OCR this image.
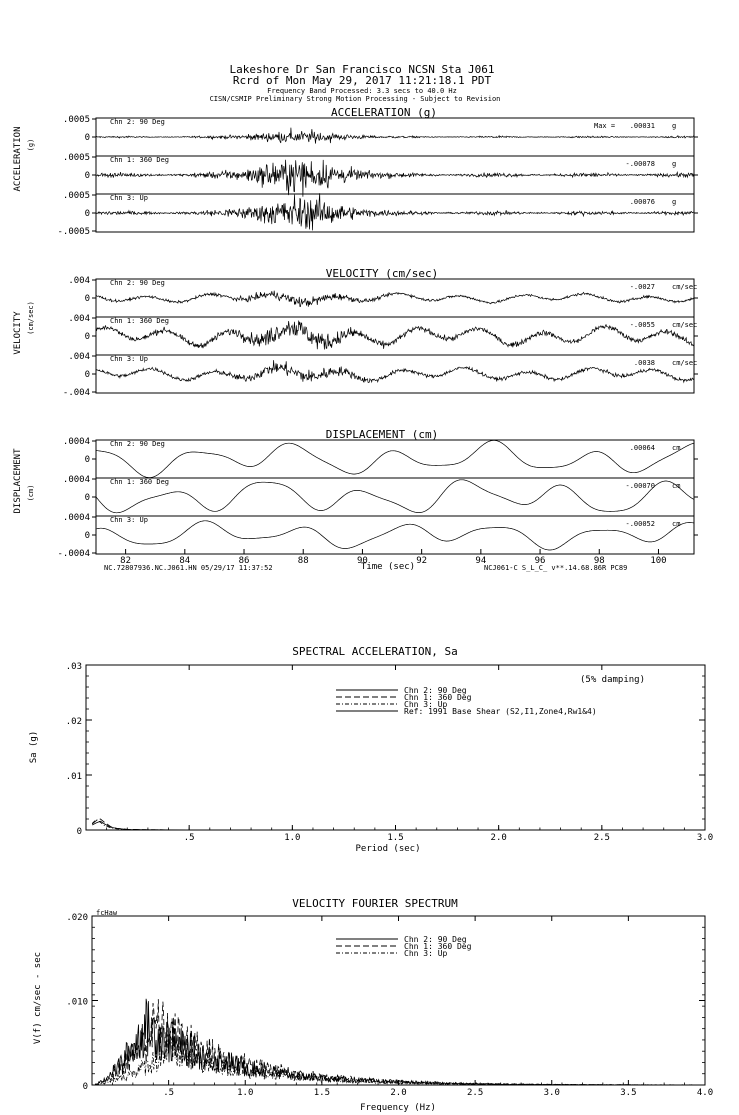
Lakeshore Dr San Francisco NCSN Sta J061
Rcrd of Mon May 29, 2017 11:21:18.1 PDT
Frequency Band Processed: 3.3 secs to 40.0 Hz
CISN/CSMIP Preliminary Strong Motion Processing - Subject to Revision
ACCELERATION (g)
VELOCITY (cm/sec)
DISPLACEMENT (cm)
ACCELERATION (g)
VELOCITY (cm/sec)
DISPLACEMENT (cm)
.0005
0
Chn 2: 90 Deg	Max = .00031 g
.0005
0
Chn 1: 360 Deg	-.00078 g
.0005
0
-.0005
Chn 3: Up	.00076 g
.004
0
Chn 2: 90 Deg	-.0027 cm/sec
.004
0
Chn 1: 360 Deg	-.0055 cm/sec
.004
0
-.004
Chn 3: Up	.0038 cm/sec
.0004
0
Chn 2: 90 Deg	.00064 cm
.0004
0
Chn 1: 360 Deg	-.00070 cm
.0004
0
-.0004
Chn 3: Up	-.00052 cm
82	84	86	88	90	92	94	96	98	100
Time (sec)
NC.72807936.NC.J061.HN 05/29/17 11:37:52	NCJ061-C S_L_C_ v**.14.68.86R PC89
SPECTRAL ACCELERATION, Sa
Sa (g)
Period (sec)
(5% damping)
.5	1.0	1.5	2.0	2.5	3.0
.03
.02
.01
0
Chn 2: 90 Deg
Chn 1: 360 Deg
Chn 3: Up
Ref: 1991 Base Shear (S2,I1,Zone4,Rw1&4)
VELOCITY FOURIER SPECTRUM
fcHaw
V(f) cm/sec - sec
Frequency (Hz)
.5	1.0	1.5	2.0	2.5	3.0	3.5	4.0
.020
.010
0
Chn 2: 90 Deg
Chn 1: 360 Deg
Chn 3: Up
